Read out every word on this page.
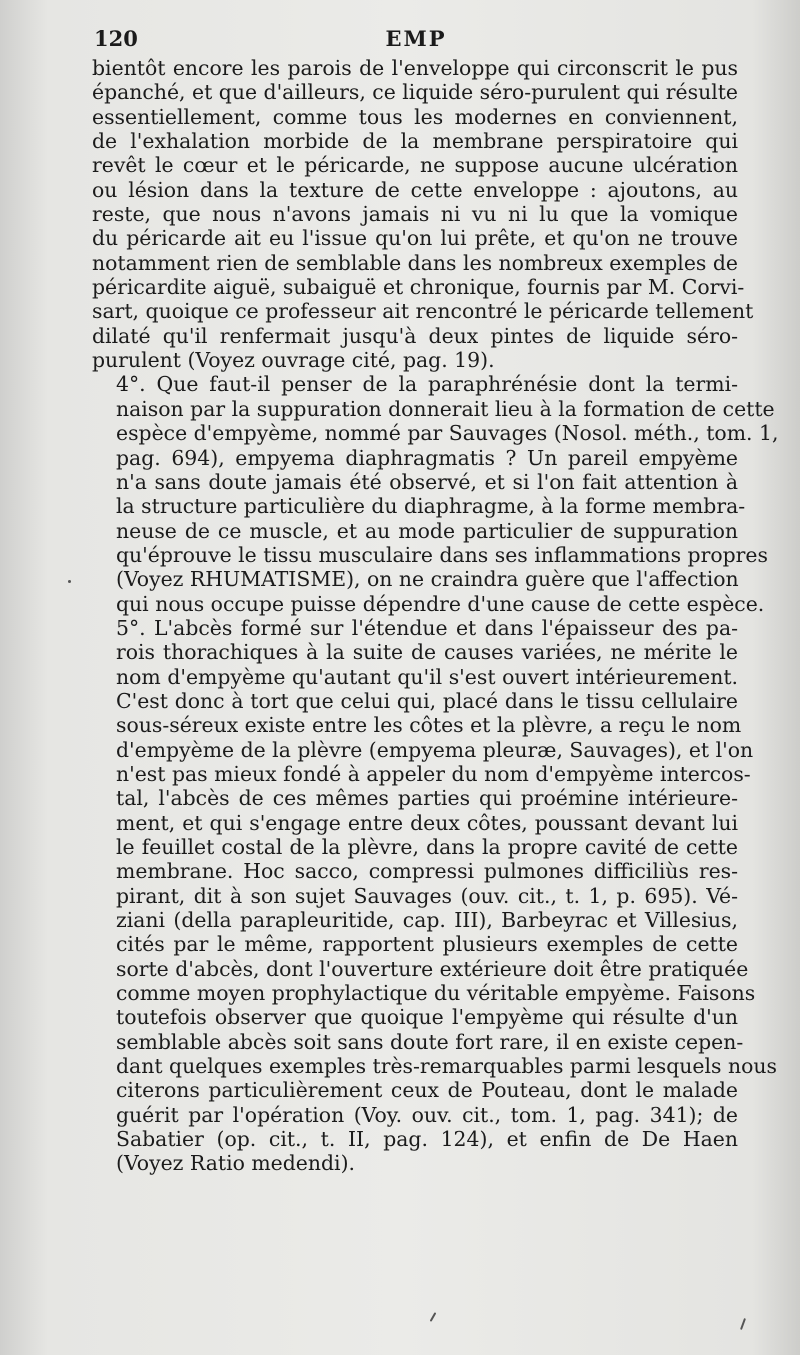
120	EMP
bientôt encore les parois de l'enveloppe qui circonscrit le pus
épanché, et que d'ailleurs, ce liquide séro-purulent qui résulte
essentiellement, comme tous les modernes en conviennent,
de l'exhalation morbide de la membrane perspiratoire qui
revêt le cœur et le péricarde, ne suppose aucune ulcération
ou lésion dans la texture de cette enveloppe : ajoutons, au
reste, que nous n'avons jamais ni vu ni lu que la vomique
du péricarde ait eu l'issue qu'on lui prête, et qu'on ne trouve
notamment rien de semblable dans les nombreux exemples de
péricardite aiguë, subaiguë et chronique, fournis par M. Corvi-
sart, quoique ce professeur ait rencontré le péricarde tellement
dilaté qu'il renfermait jusqu'à deux pintes de liquide séro-
purulent (Voyez ouvrage cité, pag. 19).
4°. Que faut-il penser de la paraphrénésie dont la termi-
naison par la suppuration donnerait lieu à la formation de cette
espèce d'empyème, nommé par Sauvages (Nosol. méth., tom. 1,
pag. 694), empyema diaphragmatis ? Un pareil empyème
n'a sans doute jamais été observé, et si l'on fait attention à
la structure particulière du diaphragme, à la forme membra-
neuse de ce muscle, et au mode particulier de suppuration
qu'éprouve le tissu musculaire dans ses inflammations propres
(Voyez RHUMATISME), on ne craindra guère que l'affection
qui nous occupe puisse dépendre d'une cause de cette espèce.
5°. L'abcès formé sur l'étendue et dans l'épaisseur des pa-
rois thorachiques à la suite de causes variées, ne mérite le
nom d'empyème qu'autant qu'il s'est ouvert intérieurement.
C'est donc à tort que celui qui, placé dans le tissu cellulaire
sous-séreux existe entre les côtes et la plèvre, a reçu le nom
d'empyème de la plèvre (empyema pleuræ, Sauvages), et l'on
n'est pas mieux fondé à appeler du nom d'empyème intercos-
tal, l'abcès de ces mêmes parties qui proémine intérieure-
ment, et qui s'engage entre deux côtes, poussant devant lui
le feuillet costal de la plèvre, dans la propre cavité de cette
membrane. Hoc sacco, compressi pulmones difficiliùs res-
pirant, dit à son sujet Sauvages (ouv. cit., t. 1, p. 695). Vé-
ziani (della parapleuritide, cap. III), Barbeyrac et Villesius,
cités par le même, rapportent plusieurs exemples de cette
sorte d'abcès, dont l'ouverture extérieure doit être pratiquée
comme moyen prophylactique du véritable empyème. Faisons
toutefois observer que quoique l'empyème qui résulte d'un
semblable abcès soit sans doute fort rare, il en existe cepen-
dant quelques exemples très-remarquables parmi lesquels nous
citerons particulièrement ceux de Pouteau, dont le malade
guérit par l'opération (Voy. ouv. cit., tom. 1, pag. 341); de
Sabatier (op. cit., t. II, pag. 124), et enfin de De Haen
(Voyez Ratio medendi).
